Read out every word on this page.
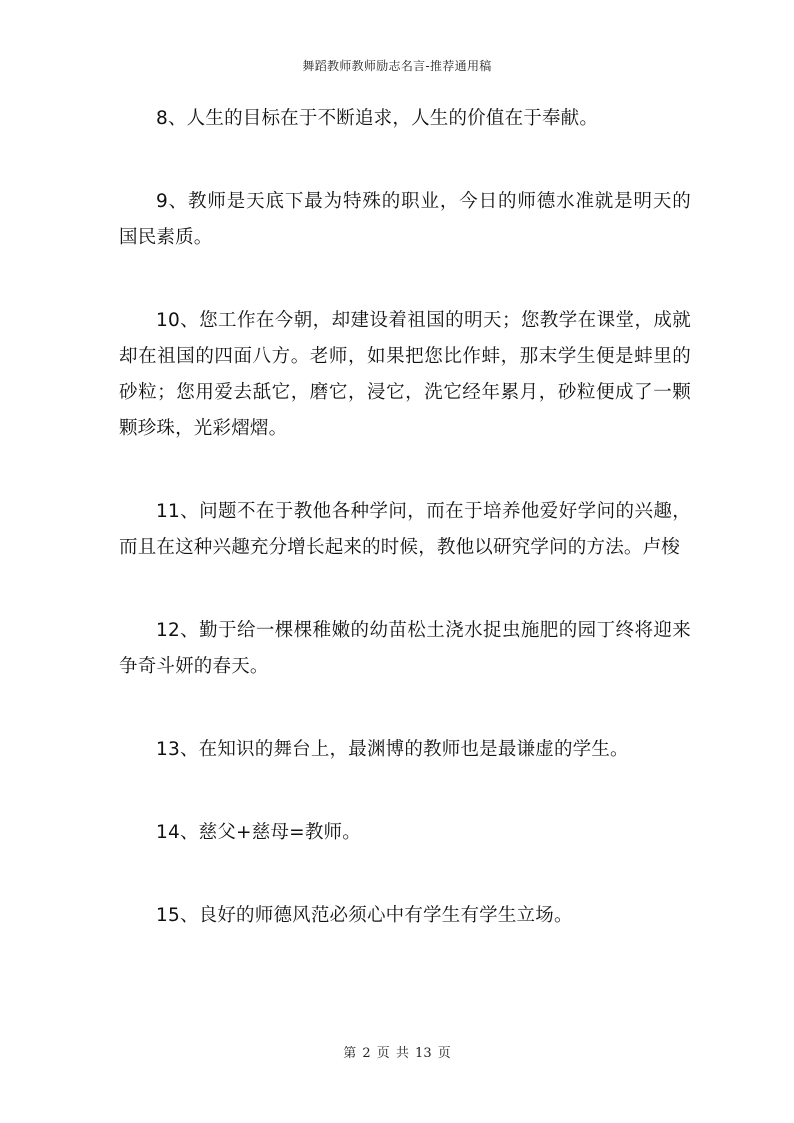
舞蹈教师教师励志名言-推荐通用稿

8、人生的目标在于不断追求，人生的价值在于奉献。

9、教师是天底下最为特殊的职业，今日的师德水准就是明天的国民素质。

10、您工作在今朝，却建设着祖国的明天；您教学在课堂，成就却在祖国的四面八方。老师，如果把您比作蚌，那末学生便是蚌里的砂粒；您用爱去舐它，磨它，浸它，洗它经年累月，砂粒便成了一颗颗珍珠，光彩熠熠。

11、问题不在于教他各种学问，而在于培养他爱好学问的兴趣，而且在这种兴趣充分增长起来的时候，教他以研究学问的方法。卢梭

12、勤于给一棵棵稚嫩的幼苗松土浇水捉虫施肥的园丁终将迎来争奇斗妍的春天。

13、在知识的舞台上，最渊博的教师也是最谦虚的学生。

14、慈父+慈母=教师。

15、良好的师德风范必须心中有学生有学生立场。

第 2 页 共 13 页
